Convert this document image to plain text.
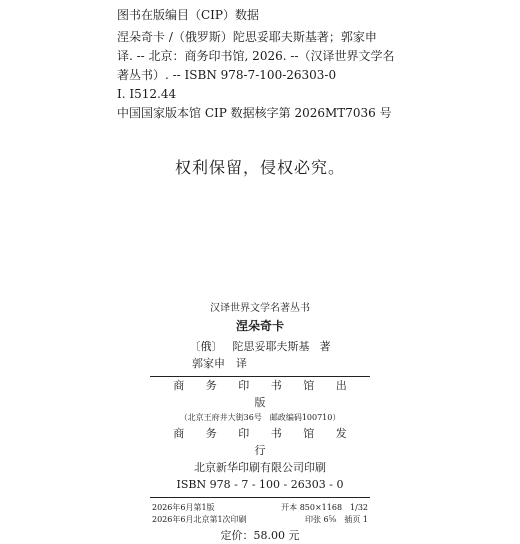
图书在版编目（CIP）数据
涅朵奇卡 /（俄罗斯）陀思妥耶夫斯基著；郭家申
译. -- 北京：商务印书馆, 2026. --（汉译世界文学名
著丛书）. -- ISBN 978-7-100-26303-0
I. I512.44
中国国家版本馆 CIP 数据核字第 2026MT7036 号
权利保留，侵权必究。
汉译世界文学名著丛书
涅朵奇卡
〔俄〕 陀思妥耶夫斯基 著
郭家申　译
商 务 印 书 馆 出 版
（北京王府井大街36号　邮政编码100710）
商 务 印 书 馆 发 行
北京新华印刷有限公司印刷
ISBN 978 - 7 - 100 - 26303 - 0
2026年6月第1版	开本 850×1168　1/32
2026年6月北京第1次印刷	印张 6⅝　插页 1
定价：58.00 元
